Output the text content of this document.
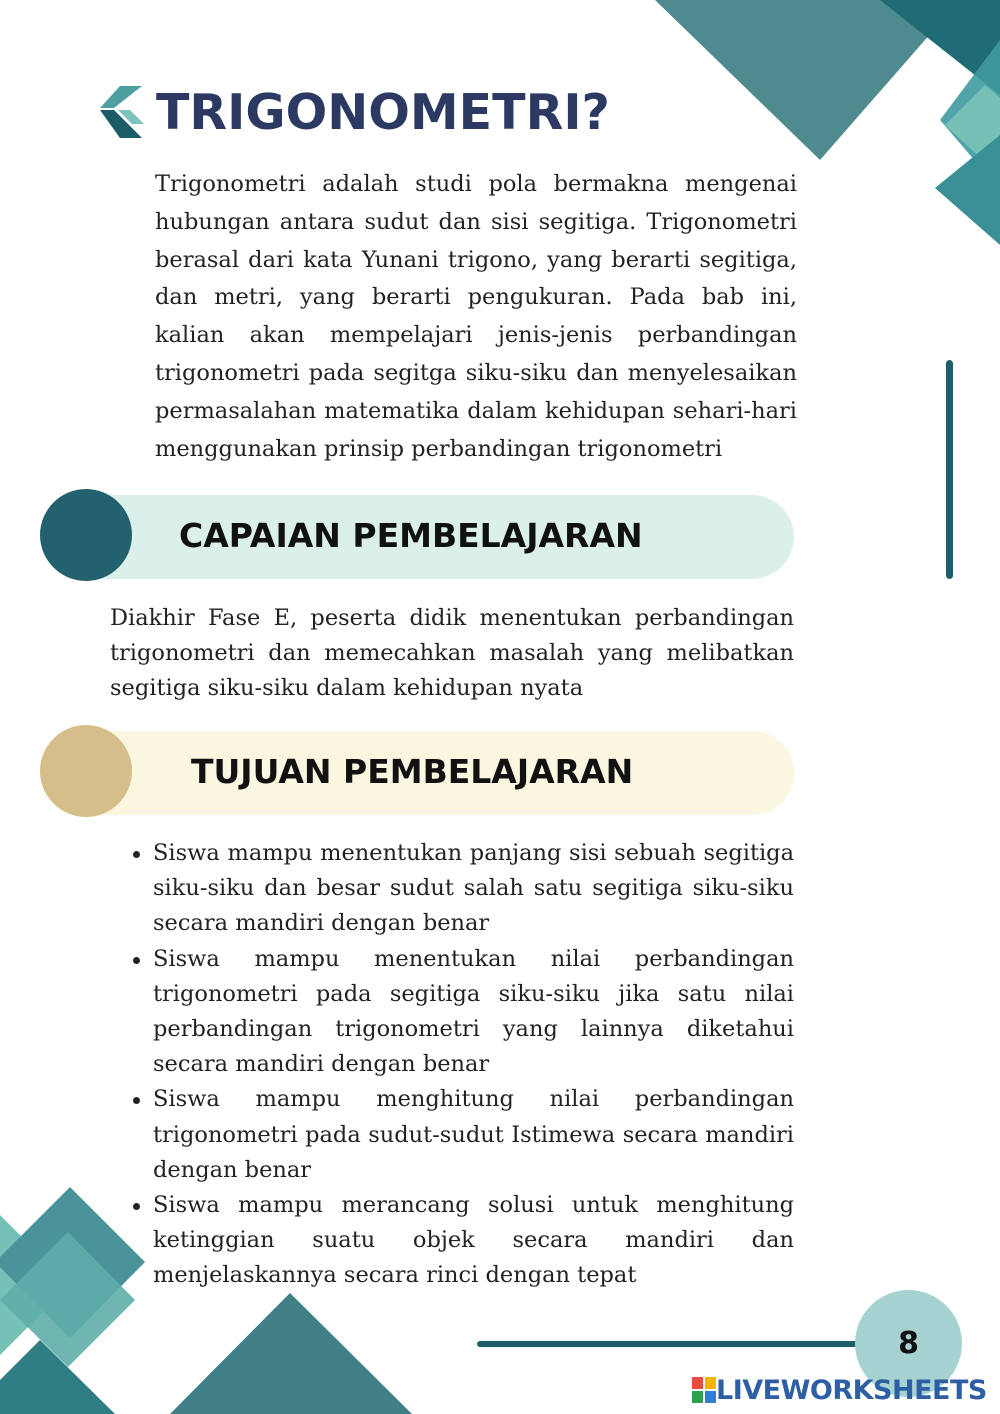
TRIGONOMETRI?

Trigonometri adalah studi pola bermakna mengenai hubungan antara sudut dan sisi segitiga. Trigonometri berasal dari kata Yunani trigono, yang berarti segitiga, dan metri, yang berarti pengukuran. Pada bab ini, kalian akan mempelajari jenis-jenis perbandingan trigonometri pada segitga siku-siku dan menyelesaikan permasalahan matematika dalam kehidupan sehari-hari menggunakan prinsip perbandingan trigonometri

CAPAIAN PEMBELAJARAN

Diakhir Fase E, peserta didik menentukan perbandingan trigonometri dan memecahkan masalah yang melibatkan segitiga siku-siku dalam kehidupan nyata

TUJUAN PEMBELAJARAN
Siswa mampu menentukan panjang sisi sebuah segitiga siku-siku dan besar sudut salah satu segitiga siku-siku secara mandiri dengan benar
Siswa mampu menentukan nilai perbandingan trigonometri pada segitiga siku-siku jika satu nilai perbandingan trigonometri yang lainnya diketahui secara mandiri dengan benar
Siswa mampu menghitung nilai perbandingan trigonometri pada sudut-sudut Istimewa secara mandiri dengan benar
Siswa mampu merancang solusi untuk menghitung ketinggian suatu objek secara mandiri dan menjelaskannya secara rinci dengan tepat
8
LIVEWORKSHEETS
